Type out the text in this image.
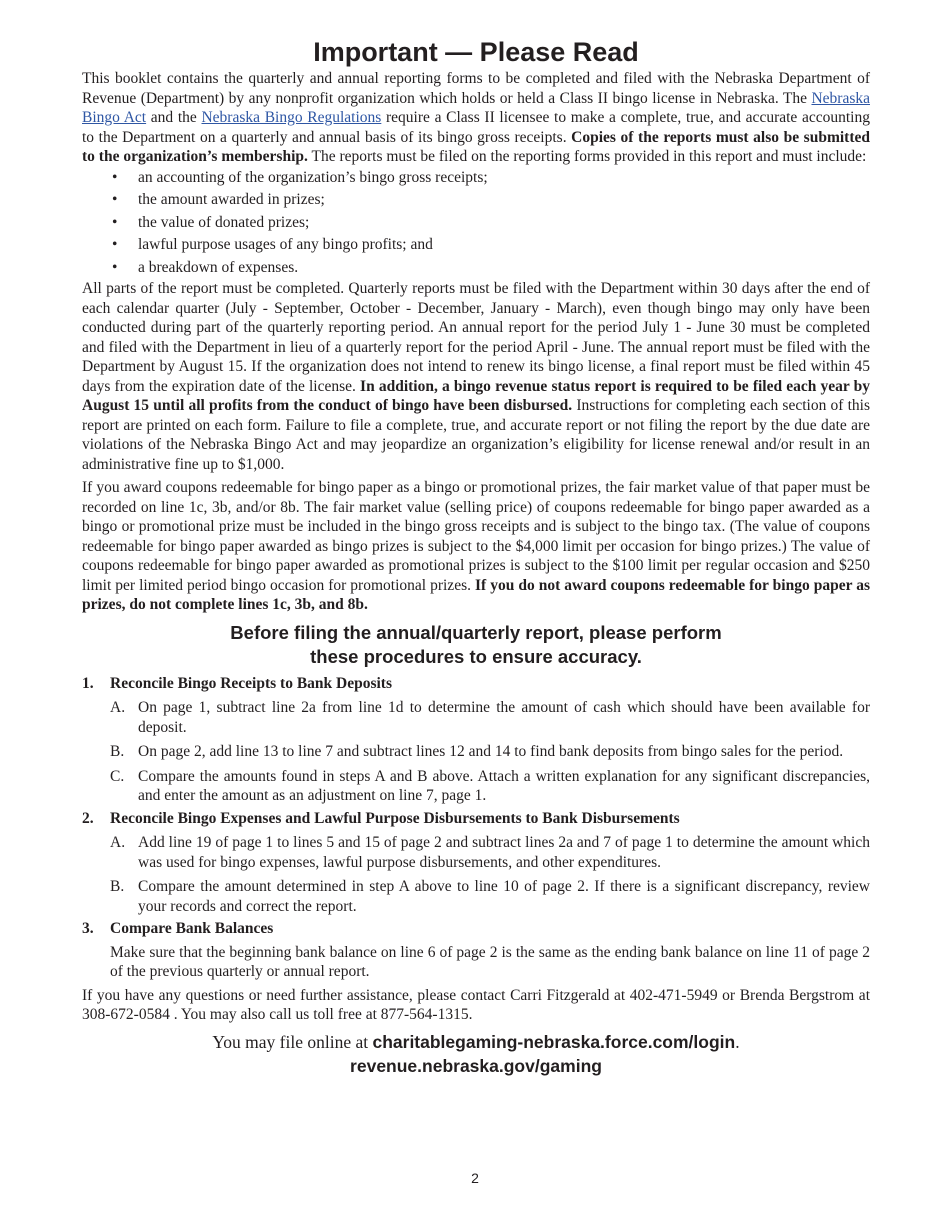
Important — Please Read

This booklet contains the quarterly and annual reporting forms to be completed and filed with the Nebraska Department of Revenue (Department) by any nonprofit organization which holds or held a Class II bingo license in Nebraska. The Nebraska Bingo Act and the Nebraska Bingo Regulations require a Class II licensee to make a complete, true, and accurate accounting to the Department on a quarterly and annual basis of its bingo gross receipts. Copies of the reports must also be submitted to the organization’s membership. The reports must be filed on the reporting forms provided in this report and must include:

• an accounting of the organization’s bingo gross receipts;
• the amount awarded in prizes;
• the value of donated prizes;
• lawful purpose usages of any bingo profits; and
• a breakdown of expenses.

All parts of the report must be completed. Quarterly reports must be filed with the Department within 30 days after the end of each calendar quarter (July - September, October - December, January - March), even though bingo may only have been conducted during part of the quarterly reporting period. An annual report for the period July 1 - June 30 must be completed and filed with the Department in lieu of a quarterly report for the period April - June. The annual report must be filed with the Department by August 15. If the organization does not intend to renew its bingo license, a final report must be filed within 45 days from the expiration date of the license. In addition, a bingo revenue status report is required to be filed each year by August 15 until all profits from the conduct of bingo have been disbursed. Instructions for completing each section of this report are printed on each form. Failure to file a complete, true, and accurate report or not filing the report by the due date are violations of the Nebraska Bingo Act and may jeopardize an organization’s eligibility for license renewal and/or result in an administrative fine up to $1,000.

If you award coupons redeemable for bingo paper as a bingo or promotional prizes, the fair market value of that paper must be recorded on line 1c, 3b, and/or 8b. The fair market value (selling price) of coupons redeemable for bingo paper awarded as a bingo or promotional prize must be included in the bingo gross receipts and is subject to the bingo tax. (The value of coupons redeemable for bingo paper awarded as bingo prizes is subject to the $4,000 limit per occasion for bingo prizes.) The value of coupons redeemable for bingo paper awarded as promotional prizes is subject to the $100 limit per regular occasion and $250 limit per limited period bingo occasion for promotional prizes. If you do not award coupons redeemable for bingo paper as prizes, do not complete lines 1c, 3b, and 8b.

Before filing the annual/quarterly report, please perform
these procedures to ensure accuracy.
1. Reconcile Bingo Receipts to Bank Deposits
A. On page 1, subtract line 2a from line 1d to determine the amount of cash which should have been available for deposit.
B. On page 2, add line 13 to line 7 and subtract lines 12 and 14 to find bank deposits from bingo sales for the period.
C. Compare the amounts found in steps A and B above. Attach a written explanation for any significant discrepancies, and enter the amount as an adjustment on line 7, page 1.
2. Reconcile Bingo Expenses and Lawful Purpose Disbursements to Bank Disbursements
A. Add line 19 of page 1 to lines 5 and 15 of page 2 and subtract lines 2a and 7 of page 1 to determine the amount which was used for bingo expenses, lawful purpose disbursements, and other expenditures.
B. Compare the amount determined in step A above to line 10 of page 2. If there is a significant discrepancy, review your records and correct the report.
3. Compare Bank Balances
Make sure that the beginning bank balance on line 6 of page 2 is the same as the ending bank balance on line 11 of page 2 of the previous quarterly or annual report.

If you have any questions or need further assistance, please contact Carri Fitzgerald at 402-471-5949 or Brenda Bergstrom at 308-672-0584 . You may also call us toll free at 877-564-1315.

You may file online at charitablegaming-nebraska.force.com/login.
revenue.nebraska.gov/gaming
2
